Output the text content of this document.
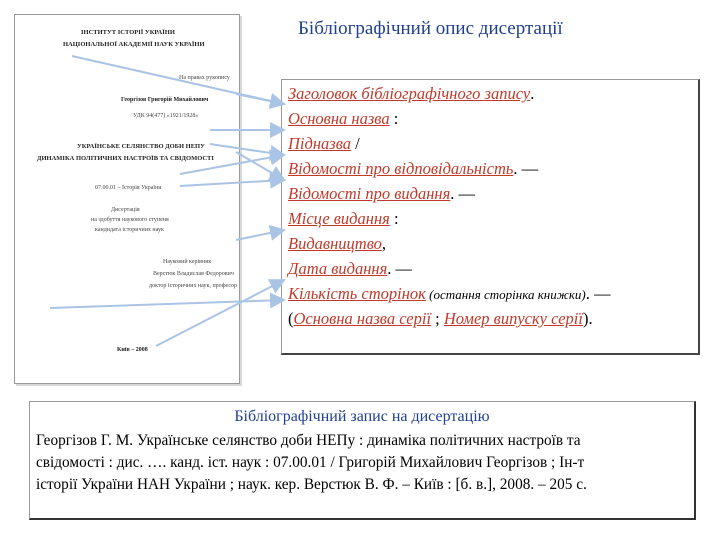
Бібліографічний опис дисертації
ІНСТИТУТ ІСТОРІЇ УКРАЇНИ
НАЦІОНАЛЬНОЇ АКАДЕМІЇ НАУК УКРАЇНИ
На правах рукопису
Георгізов Григорій Михайлович
УДК 94(477) «1921/1928»
УКРАЇНСЬКЕ СЕЛЯНСТВО ДОБИ НЕПУ
ДИНАМІКА ПОЛІТИЧНИХ НАСТРОЇВ ТА СВІДОМОСТІ
07.00.01 – Історія України
Дисертація
на здобуття наукового ступеня
кандидата історичних наук
Науковий керівник
Верстюк Владислав Федорович
доктор історичних наук, професор
Київ – 2008
Заголовок бібліографічного запису.
Основна назва :
Підназва /
Відомості про відповідальність. —
Відомості про видання. —
Місце видання :
Видавництво,
Дата видання. —
Кількість сторінок (остання сторінка книжки). —
(Основна назва серії ; Номер випуску серії).
Бібліографічний запис на дисертацію
Георгізов Г. М. Українське селянство доби НЕПу : динаміка політичних настроїв та
свідомості : дис. …. канд. іст. наук : 07.00.01 / Григорій Михайлович Георгізов ; Ін-т
історії України НАН України ; наук. кер. Верстюк В. Ф. – Київ : [б. в.], 2008. – 205 с.
